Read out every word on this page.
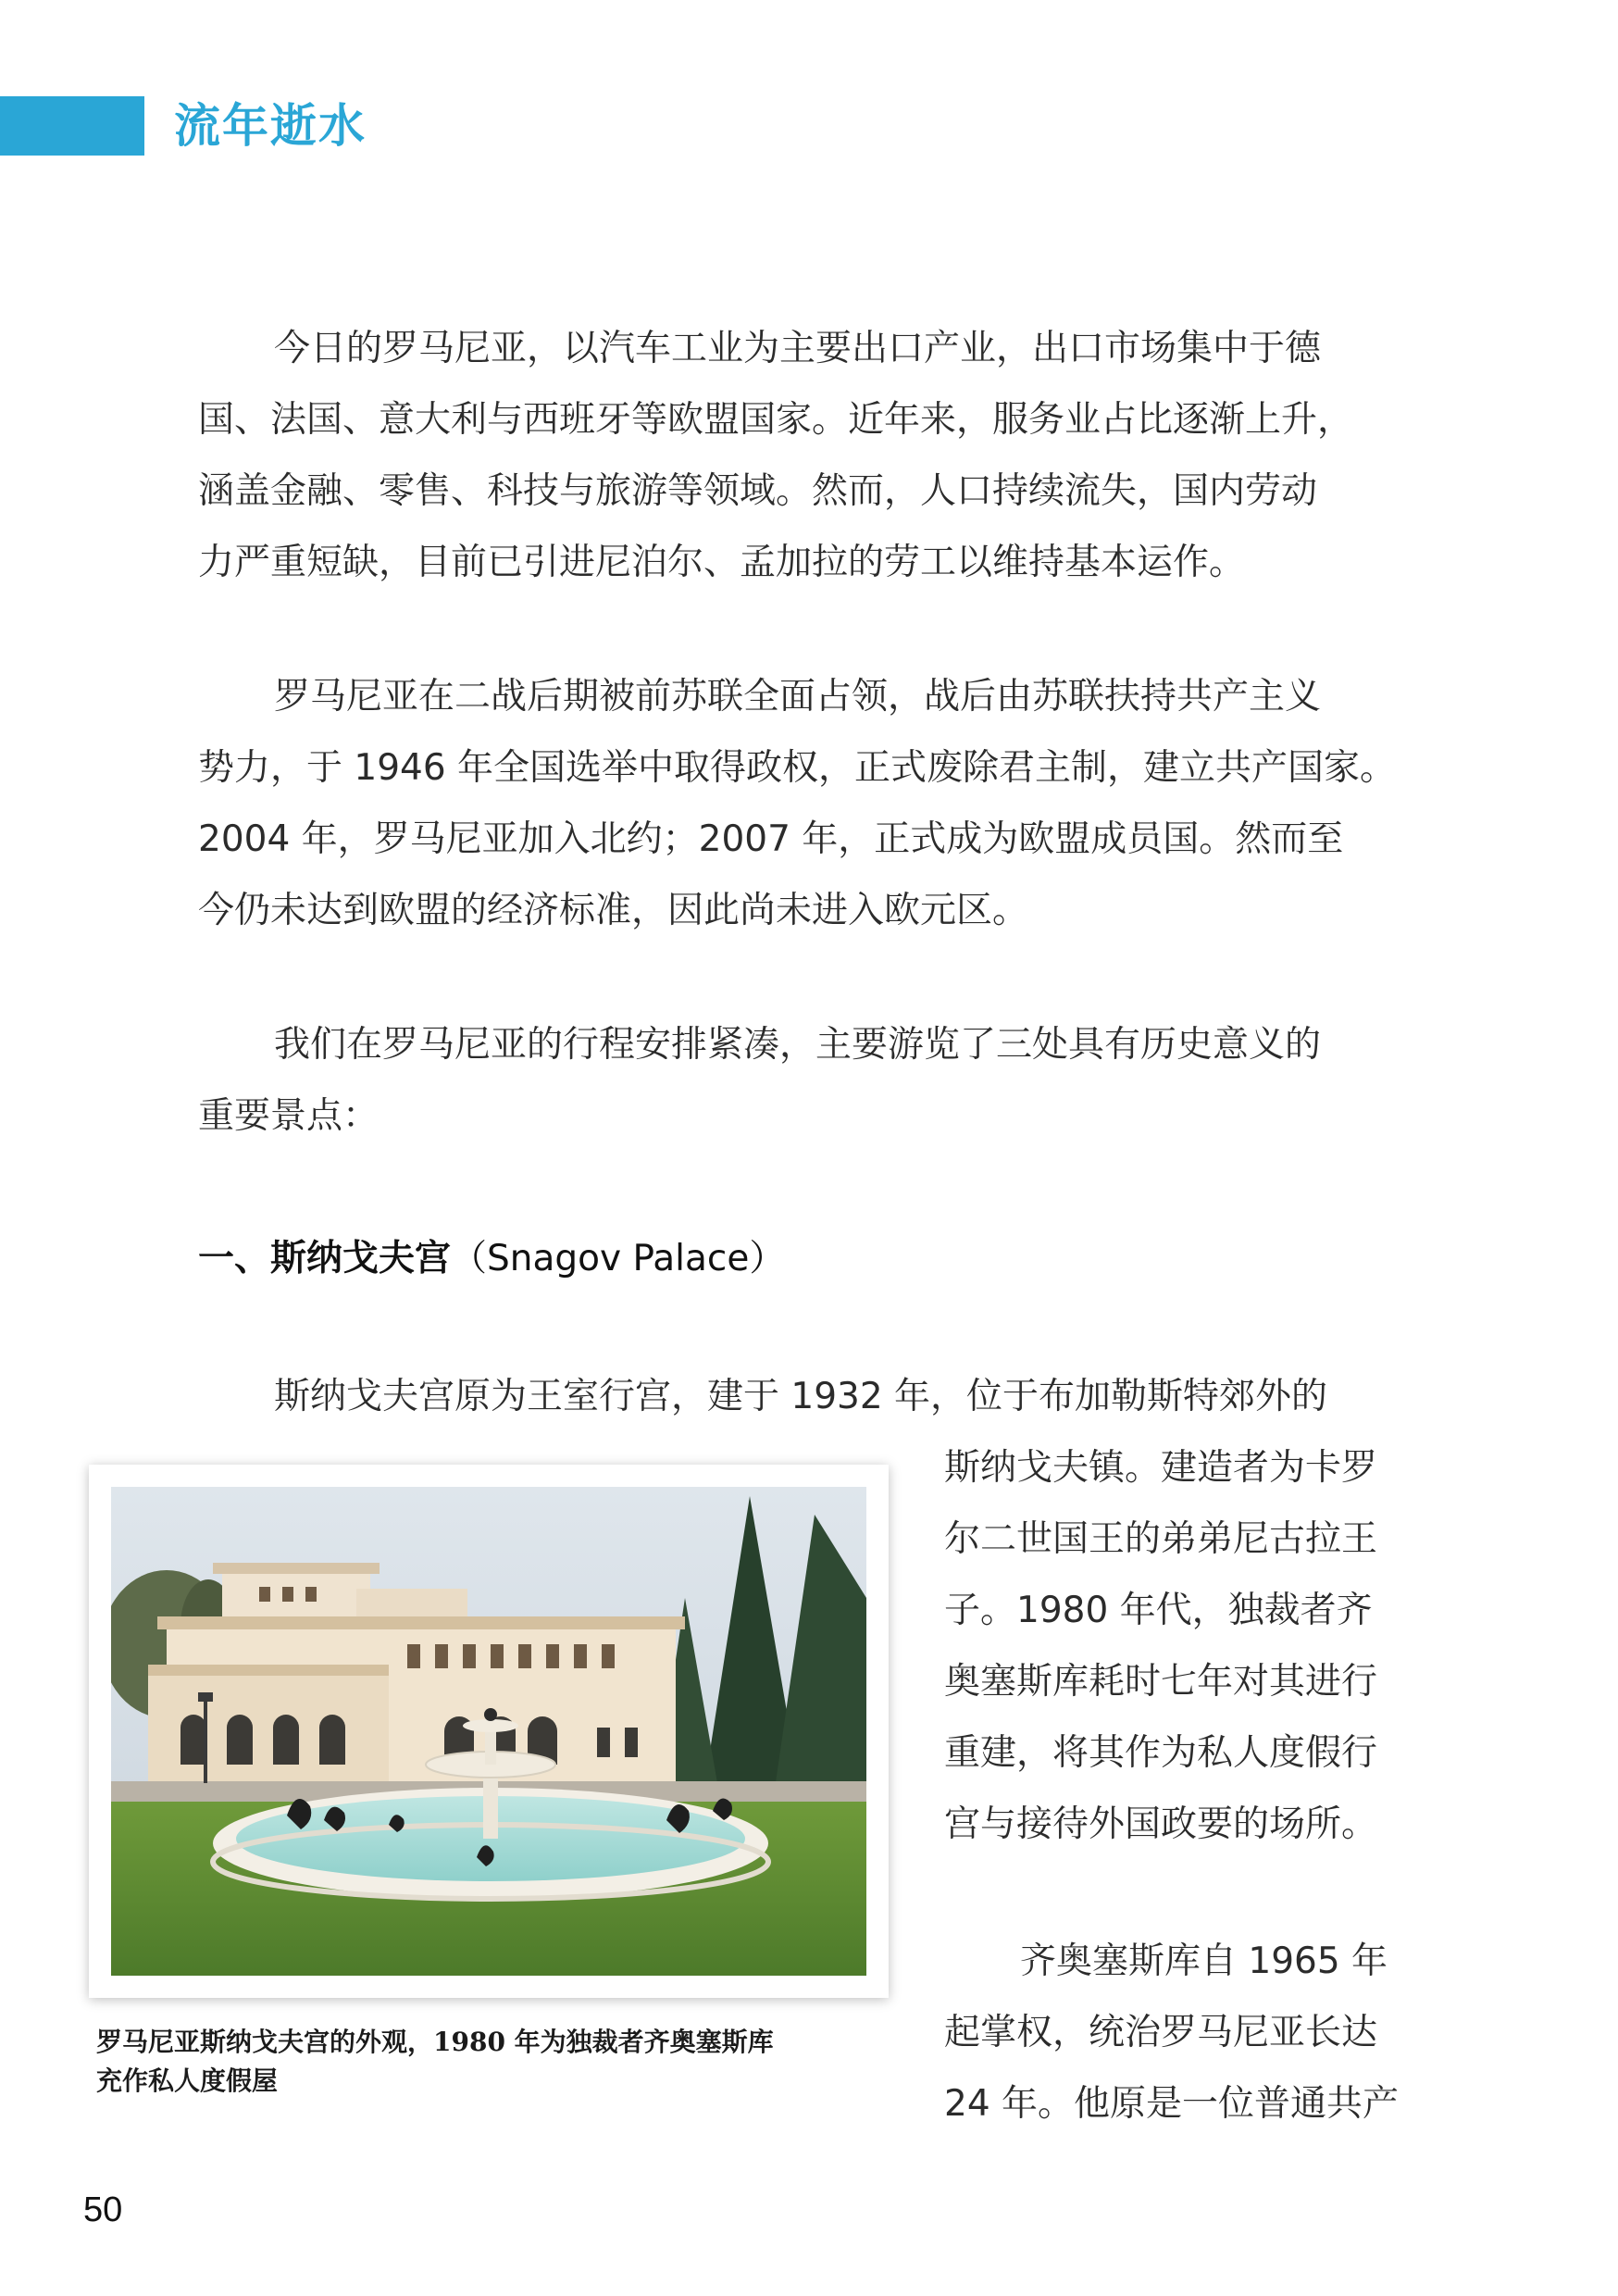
流年逝水
今日的罗马尼亚，以汽车工业为主要出口产业，出口市场集中于德
国、法国、意大利与西班牙等欧盟国家。近年来，服务业占比逐渐上升，
涵盖金融、零售、科技与旅游等领域。然而，人口持续流失，国内劳动
力严重短缺，目前已引进尼泊尔、孟加拉的劳工以维持基本运作。
罗马尼亚在二战后期被前苏联全面占领，战后由苏联扶持共产主义
势力，于 1946 年全国选举中取得政权，正式废除君主制，建立共产国家。
2004 年，罗马尼亚加入北约；2007 年，正式成为欧盟成员国。然而至
今仍未达到欧盟的经济标准，因此尚未进入欧元区。
我们在罗马尼亚的行程安排紧凑，主要游览了三处具有历史意义的
重要景点：
一、斯纳戈夫宫（Snagov Palace）
斯纳戈夫宫原为王室行宫，建于 1932 年，位于布加勒斯特郊外的
斯纳戈夫镇。建造者为卡罗
尔二世国王的弟弟尼古拉王
子。1980 年代，独裁者齐
奥塞斯库耗时七年对其进行
重建，将其作为私人度假行
宫与接待外国政要的场所。
齐奥塞斯库自 1965 年
起掌权，统治罗马尼亚长达
24 年。他原是一位普通共产
罗马尼亚斯纳戈夫宫的外观，1980 年为独裁者齐奥塞斯库
充作私人度假屋
50
